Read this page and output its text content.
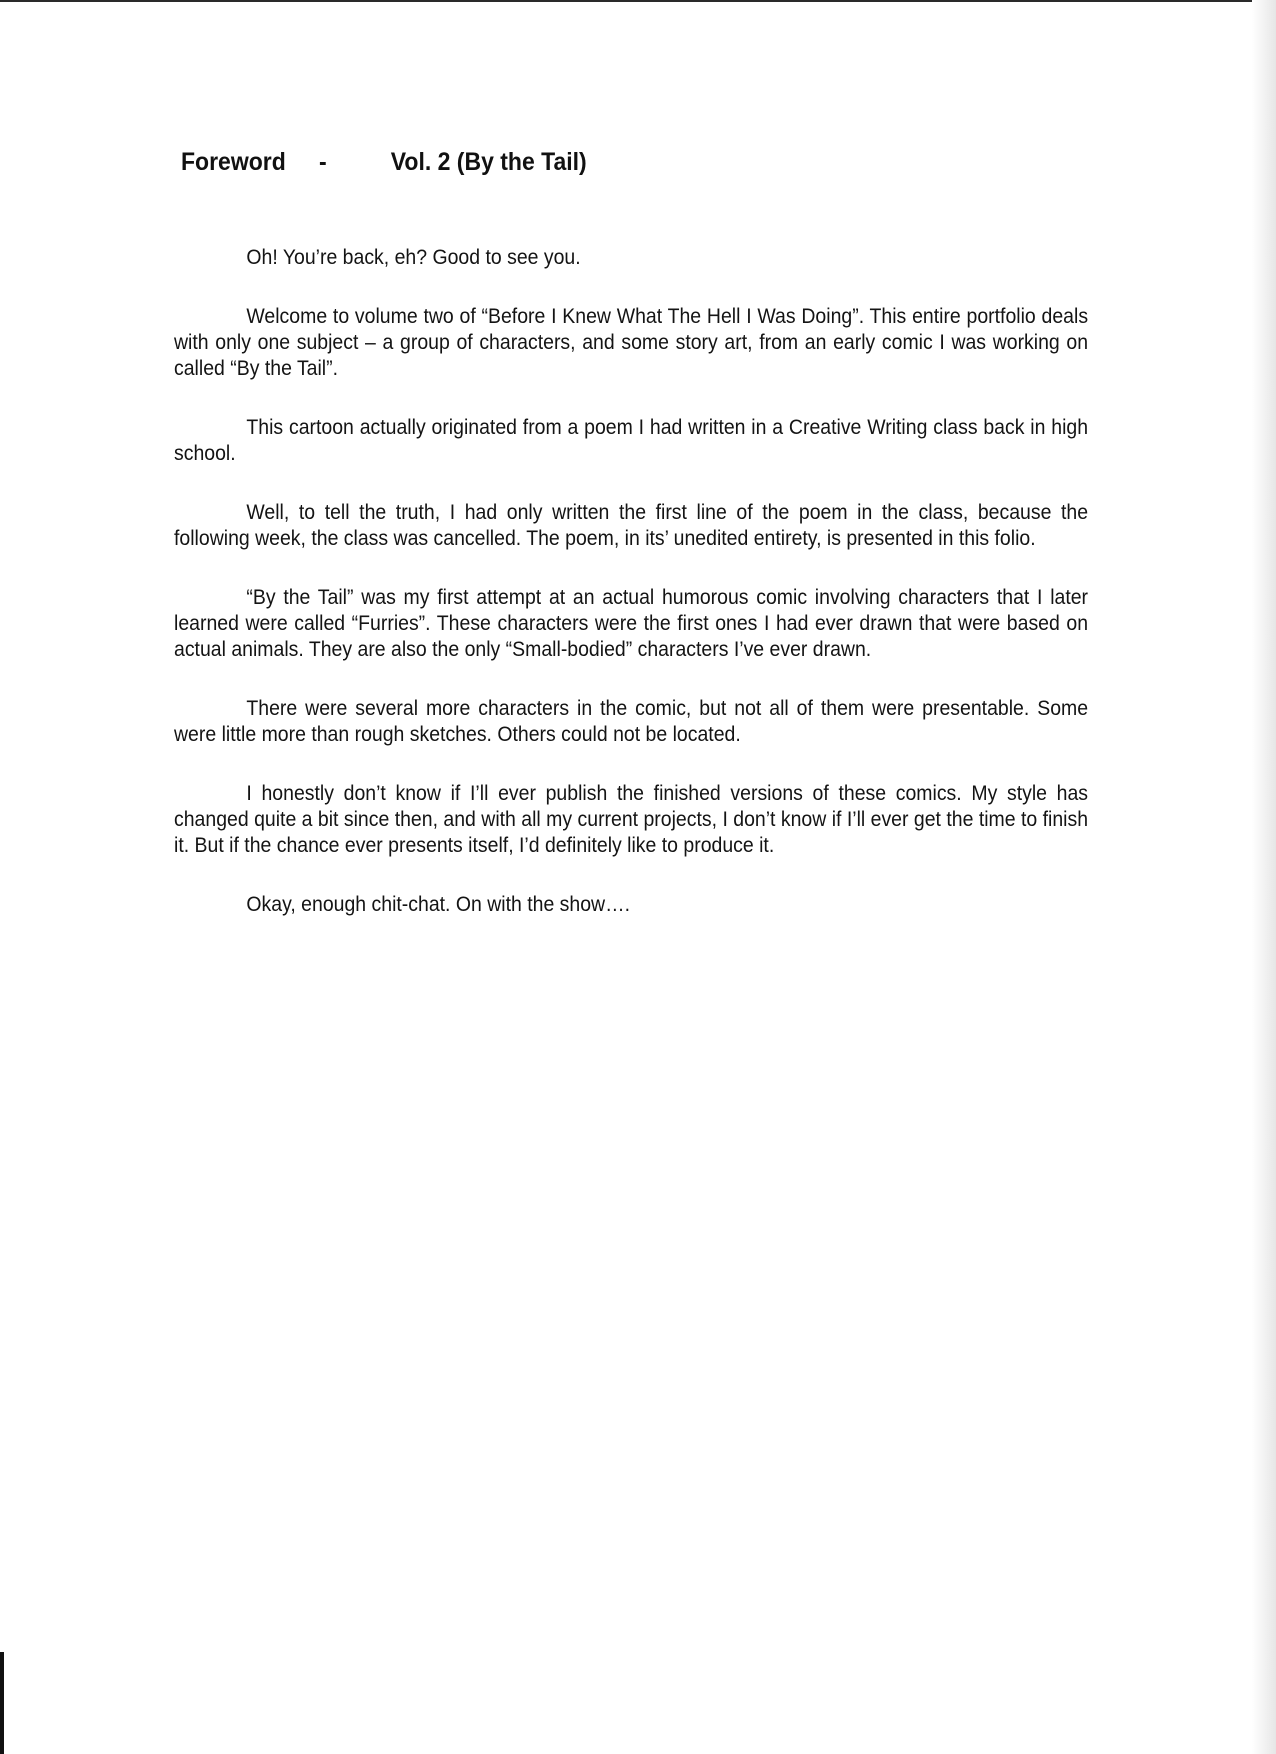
Foreword -	Vol. 2 (By the Tail)

Oh! You’re back, eh? Good to see you.

Welcome to volume two of “Before I Knew What The Hell I Was Doing”. This entire portfolio deals with only one subject – a group of characters, and some story art, from an early comic I was working on called “By the Tail”.

This cartoon actually originated from a poem I had written in a Creative Writing class back in high school.

Well, to tell the truth, I had only written the first line of the poem in the class, because the following week, the class was cancelled. The poem, in its’ unedited entirety, is presented in this folio.

“By the Tail” was my first attempt at an actual humorous comic involving characters that I later learned were called “Furries”. These characters were the first ones I had ever drawn that were based on actual animals. They are also the only “Small-bodied” characters I’ve ever drawn.

There were several more characters in the comic, but not all of them were presentable. Some were little more than rough sketches. Others could not be located.

I honestly don’t know if I’ll ever publish the finished versions of these comics. My style has changed quite a bit since then, and with all my current projects, I don’t know if I’ll ever get the time to finish it. But if the chance ever presents itself, I’d definitely like to produce it.

Okay, enough chit-chat. On with the show….
